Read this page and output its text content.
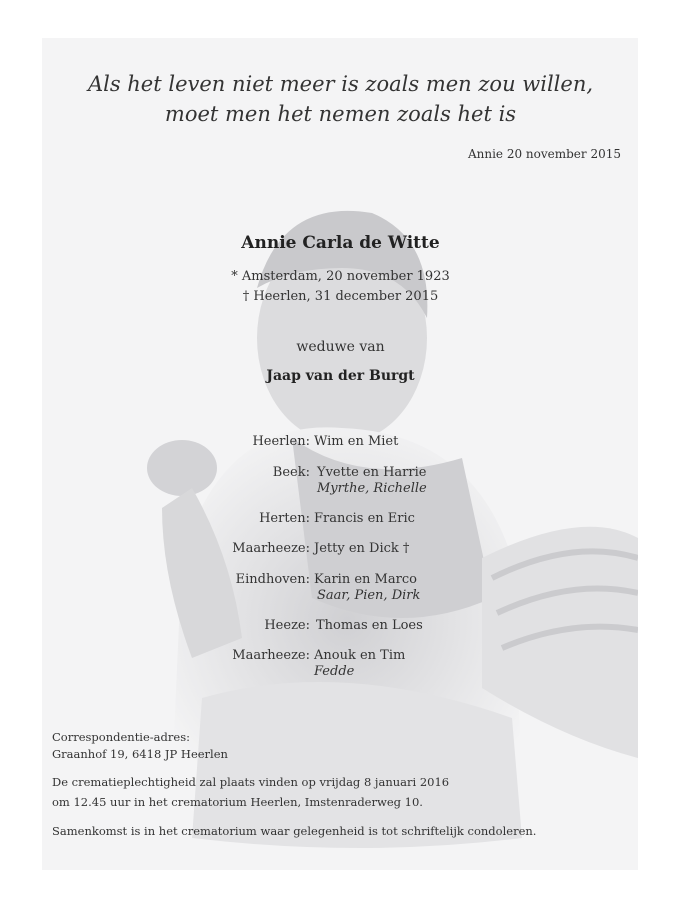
Als het leven niet meer is zoals men zou willen,
moet men het nemen zoals het is
Annie 20 november 2015
Annie Carla de Witte
* Amsterdam, 20 november 1923
† Heerlen, 31 december 2015
weduwe van
Jaap van der Burgt
Heerlen: Wim en Miet
Beek: Yvette en Harrie
Myrthe, Richelle
Herten: Francis en Eric
Maarheeze: Jetty en Dick †
Eindhoven: Karin en Marco
Saar, Pien, Dirk
Heeze: Thomas en Loes
Maarheeze: Anouk en Tim
Fedde
Correspondentie-adres:
Graanhof 19, 6418 JP Heerlen
De crematieplechtigheid zal plaats vinden op vrijdag 8 januari 2016
om 12.45 uur in het crematorium Heerlen, Imstenraderweg 10.
Samenkomst is in het crematorium waar gelegenheid is tot schriftelijk condoleren.
